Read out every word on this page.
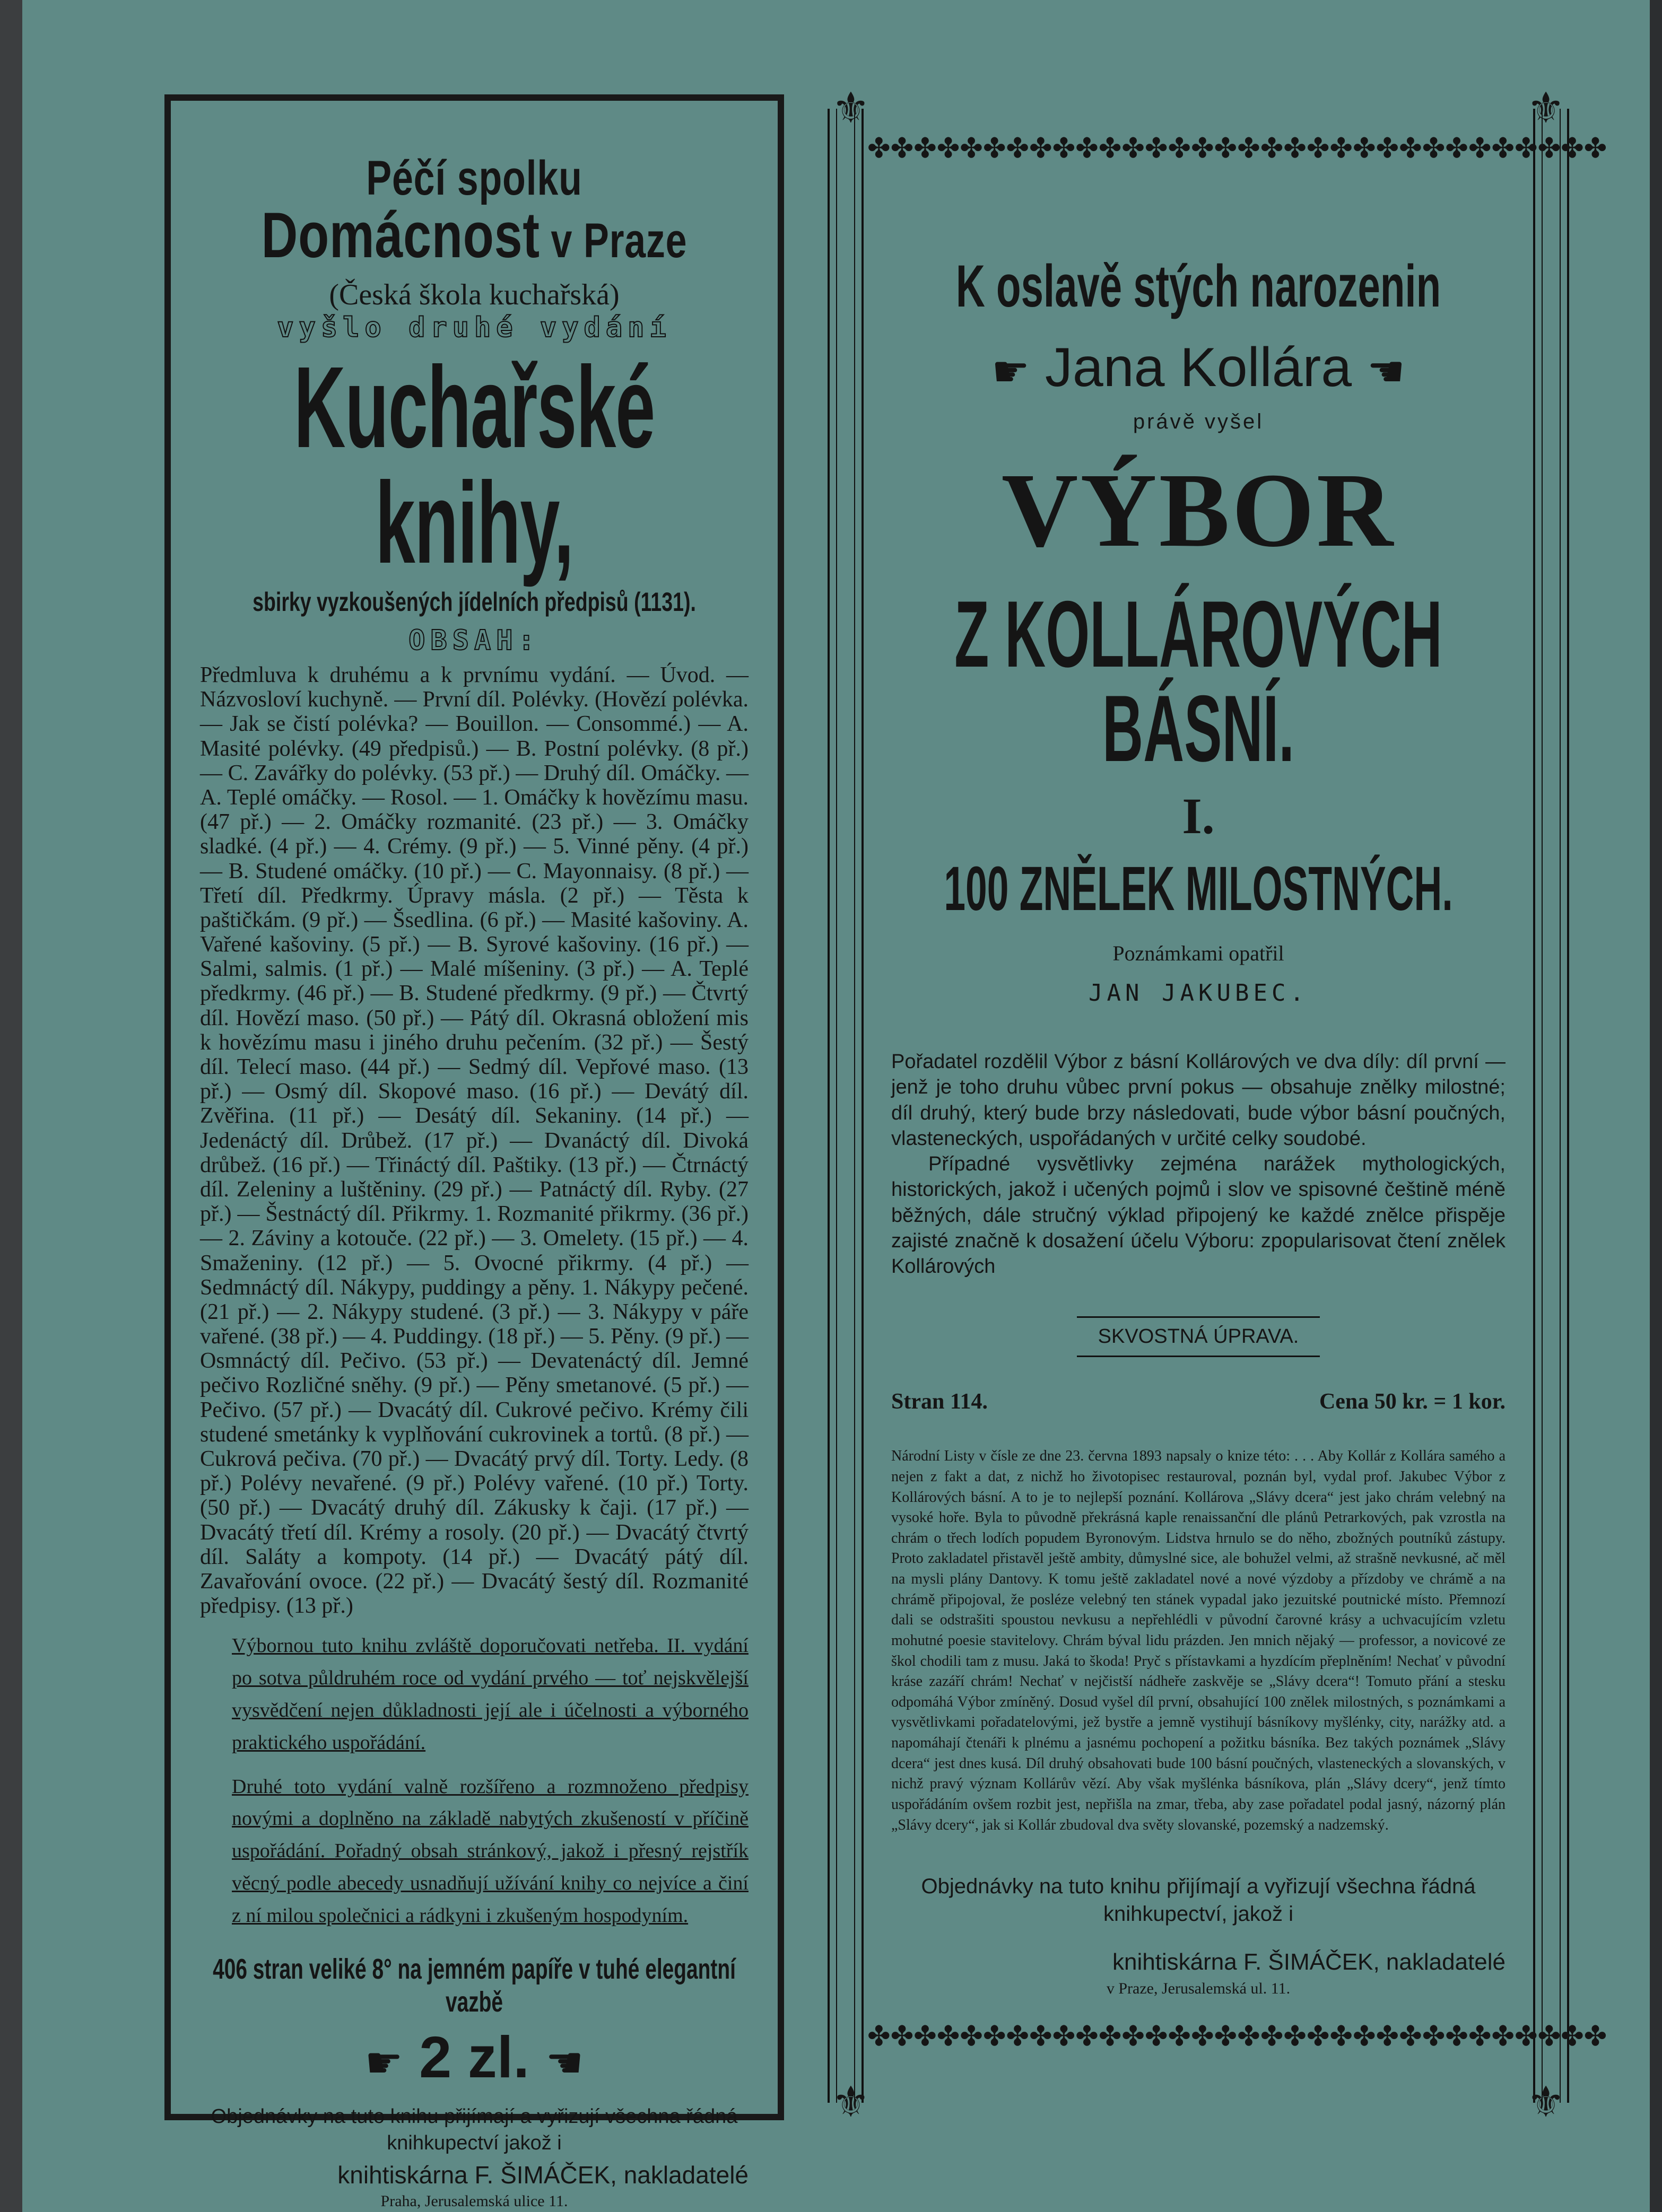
Péčí spolku Domácnost v Praze
(Česká škola kuchařská)
vyšlo druhé vydání
Kuchařské knihy,
sbirky vyzkoušených jídelních předpisů (1131).
OBSAH:
Předmluva k druhému a k prvnímu vydání. — Úvod. — Názvosloví kuchyně. — První díl. Polévky. (Hovězí polévka. — Jak se čistí polévka? — Bouillon. — Consommé.) — A. Masité polévky. (49 předpisů.) — B. Postní polévky. (8 př.) — C. Zavářky do polévky. (53 př.) — Druhý díl. Omáčky. — A. Teplé omáčky. — Rosol. — 1. Omáčky k hovězímu masu. (47 př.) — 2. Omáčky rozmanité. (23 př.) — 3. Omáčky sladké. (4 př.) — 4. Crémy. (9 př.) — 5. Vinné pěny. (4 př.) — B. Studené omáčky. (10 př.) — C. Mayonnaisy. (8 př.) — Třetí díl. Předkrmy. Úpravy másla. (2 př.) — Těsta k paštičkám. (9 př.) — Šsedlina. (6 př.) — Masité kašoviny. A. Vařené kašoviny. (5 př.) — B. Syrové kašoviny. (16 př.) — Salmi, salmis. (1 př.) — Malé míšeniny. (3 př.) — A. Teplé předkrmy. (46 př.) — B. Studené předkrmy. (9 př.) — Čtvrtý díl. Hovězí maso. (50 př.) — Pátý díl. Okrasná obložení mis k hovězímu masu i jiného druhu pečením. (32 př.) — Šestý díl. Telecí maso. (44 př.) — Sedmý díl. Vepřové maso. (13 př.) — Osmý díl. Skopové maso. (16 př.) — Devátý díl. Zvěřina. (11 př.) — Desátý díl. Sekaniny. (14 př.) — Jedenáctý díl. Drůbež. (17 př.) — Dvanáctý díl. Divoká drůbež. (16 př.) — Třináctý díl. Paštiky. (13 př.) — Čtrnáctý díl. Zeleniny a luštěniny. (29 př.) — Patnáctý díl. Ryby. (27 př.) — Šestnáctý díl. Přikrmy. 1. Rozmanité přikrmy. (36 př.) — 2. Záviny a kotouče. (22 př.) — 3. Omelety. (15 př.) — 4. Smaženiny. (12 př.) — 5. Ovocné přikrmy. (4 př.) — Sedmnáctý díl. Nákypy, puddingy a pěny. 1. Nákypy pečené. (21 př.) — 2. Nákypy studené. (3 př.) — 3. Nákypy v páře vařené. (38 př.) — 4. Puddingy. (18 př.) — 5. Pěny. (9 př.) — Osmnáctý díl. Pečivo. (53 př.) — Devatenáctý díl. Jemné pečivo Rozličné sněhy. (9 př.) — Pěny smetanové. (5 př.) — Pečivo. (57 př.) — Dvacátý díl. Cukrové pečivo. Krémy čili studené smetánky k vyplňování cukrovinek a tortů. (8 př.) — Cukrová pečiva. (70 př.) — Dvacátý prvý díl. Torty. Ledy. (8 př.) Polévy nevařené. (9 př.) Polévy vařené. (10 př.) Torty. (50 př.) — Dvacátý druhý díl. Zákusky k čaji. (17 př.) — Dvacátý třetí díl. Krémy a rosoly. (20 př.) — Dvacátý čtvrtý díl. Saláty a kompoty. (14 př.) — Dvacátý pátý díl. Zavařování ovoce. (22 př.) — Dvacátý šestý díl. Rozmanité předpisy. (13 př.)
Výbornou tuto knihu zvláště doporučovati netřeba. II. vydání po sotva půldruhém roce od vydání prvého — toť nejskvělejší vysvědčení nejen důkladnosti její ale i účelnosti a výborného praktického uspořádání.
Druhé toto vydání valně rozšířeno a rozmnoženo předpisy novými a doplněno na základě nabytých zkušeností v příčině uspořádání. Pořadný obsah stránkový, jakož i přesný rejstřík věcný podle abecedy usnadňují užívání knihy co nejvíce a činí z ní milou společnici a rádkyni i zkušeným hospodyním.
406 stran veliké 8° na jemném papíře v tuhé elegantní vazbě
☛ 2 zl. ☚
Objednávky na tuto knihu přijímají a vyřizují všechna řádná knihkupectví jakož i
knihtiskárna F. ŠIMÁČEK, nakladatelé
Praha, Jerusalemská ulice 11.
⚜	⚜
⚜	⚜
✤✤✤✤✤✤✤✤✤✤✤✤✤✤✤✤✤✤✤✤✤✤✤✤✤✤✤✤✤✤✤✤
✤✤✤✤✤✤✤✤✤✤✤✤✤✤✤✤✤✤✤✤✤✤✤✤✤✤✤✤✤✤✤✤
K oslavě stých narozenin
☛ Jana Kollára ☚
právě vyšel
VÝBOR
Z KOLLÁROVÝCH BÁSNÍ.
I.
100 ZNĚLEK MILOSTNÝCH.
Poznámkami opatřil
JAN JAKUBEC.
Pořadatel rozdělil Výbor z básní Kollárových ve dva díly: díl první — jenž je toho druhu vůbec první pokus — obsahuje znělky milostné; díl druhý, který bude brzy následovati, bude výbor básní poučných, vlasteneckých, uspořádaných v určité celky soudobé.
Případné vysvětlivky zejména narážek mythologických, historických, jakož i učených pojmů i slov ve spisovné češtině méně běžných, dále stručný výklad připojený ke každé znělce přispěje zajisté značně k dosažení účelu Výboru: zpopularisovat čtení znělek Kollárových
SKVOSTNÁ ÚPRAVA.
Stran 114.	Cena 50 kr. = 1 kor.
Národní Listy v čísle ze dne 23. června 1893 napsaly o knize této: . . . Aby Kollár z Kollára samého a nejen z fakt a dat, z nichž ho životopisec restauroval, poznán byl, vydal prof. Jakubec Výbor z Kollárových básní. A to je to nejlepší poznání. Kollárova „Slávy dcera“ jest jako chrám velebný na vysoké hoře. Byla to původně překrásná kaple renaissanční dle plánů Petrarkových, pak vzrostla na chrám o třech lodích popudem Byronovým. Lidstva hrnulo se do něho, zbožných poutníků zástupy. Proto zakladatel přistavěl ještě ambity, důmyslné sice, ale bohužel velmi, až strašně nevkusné, ač měl na mysli plány Dantovy. K tomu ještě zakladatel nové a nové výzdoby a přízdoby ve chrámě a na chrámě připojoval, že posléze velebný ten stánek vypadal jako jezuitské poutnické místo. Přemnozí dali se odstrašiti spoustou nevkusu a nepřehlédli v původní čarovné krásy a uchvacujícím vzletu mohutné poesie stavitelovy. Chrám býval lidu prázden. Jen mnich nějaký — professor, a novicové ze škol chodili tam z musu. Jaká to škoda! Pryč s přístavkami a hyzdícím přeplněním! Nechať v původní kráse zazáří chrám! Nechať v nejčistší nádheře zaskvěje se „Slávy dcera“! Tomuto přání a stesku odpomáhá Výbor zmíněný. Dosud vyšel díl první, obsahující 100 znělek milostných, s poznámkami a vysvětlivkami pořadatelovými, jež bystře a jemně vystihují básníkovy myšlénky, city, narážky atd. a napomáhají čtenáři k plnému a jasnému pochopení a požitku básníka. Bez takých poznámek „Slávy dcera“ jest dnes kusá. Díl druhý obsahovati bude 100 básní poučných, vlasteneckých a slovanských, v nichž pravý význam Kollárův vězí. Aby však myšlénka básníkova, plán „Slávy dcery“, jenž tímto uspořádáním ovšem rozbit jest, nepřišla na zmar, třeba, aby zase pořadatel podal jasný, názorný plán „Slávy dcery“, jak si Kollár zbudoval dva světy slovanské, pozemský a nadzemský.
Objednávky na tuto knihu přijímají a vyřizují všechna řádná knihkupectví, jakož i
knihtiskárna F. ŠIMÁČEK, nakladatelé
v Praze, Jerusalemská ul. 11.
